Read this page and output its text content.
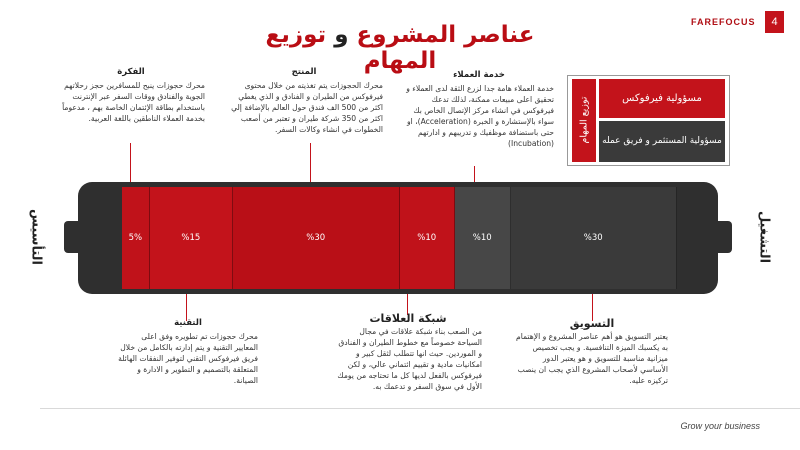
FAREFOCUS	4
عناصر المشروع و توزيع المهام
الفكرة
محرك حجوزات ينبح للمسافرين حجز رحلاتهم الجوية والفنادق ووقات السفر عبر الإنترنت باستخدام بطاقة الإئتمان الخاصة بهم ، مدعوماً بخدمة العملاء الناطقين باللغة العربية.
المنتج
محرك الحجوزات يتم تغذيته من خلال محتوى فيرفوكس من الطيران و الفنادق و الذي يغطي اكثر من 500 الف فندق حول العالم بالإضافة إلي اكثر من 350 شركة طيران و تعتبر من أصعب الخطوات في انشاء وكالات السفر.
خدمة العملاء
خدمة العملاء هامة جدا لزرع الثقة لدى العملاء و تحقيق اعلى مبيعات ممكنة، لذلك تدعك فيرفوكس في انشاء مركز الإتصال الخاص بك سواء بالإستشارة و الخبرة (Acceleration)، او حتى باستضافة موظفيك و تدريبهم و ادارتهم (Incubation)	توزيع المهام	مسؤولية فيرفوكس
مسؤولية المستثمر و فريق عمله
5%	%15	%30	%10	%10	%30
التأسيس	التشغيل
التقنية
محرك حجوزات تم تطويره وفق اعلى المعايير التقنية و يتم إدارته بالكامل من خلال فريق فيرفوكس التقني لتوفير النفقات الهائلة المتعلقة بالتصميم و التطوير و الادارة و الصيانة.
شبكة العلاقات
من الصعب بناء شبكة علاقات في مجال السياحة خصوصاً مع خطوط الطيران و الفنادق و الموردين. حيث انها تتطلب لثقل كبير و امكانيات مادية و تقييم ائتماني عالي، و لكن فيرفوكس بالفعل لديها كل ما تحتاجه من يومك الأول في سوق السفر و تدعمك به.
التسويق
يعتبر التسويق هو أهم عناصر المشروع و الإهتمام به يكسبك الميزة التنافسية. و يجب تخصيص ميزانية مناسبة للتسويق و هو يعتبر الدور الأساسي لأصحاب المشروع الذي يجب ان ينصب تركيزه عليه.
Grow your business
